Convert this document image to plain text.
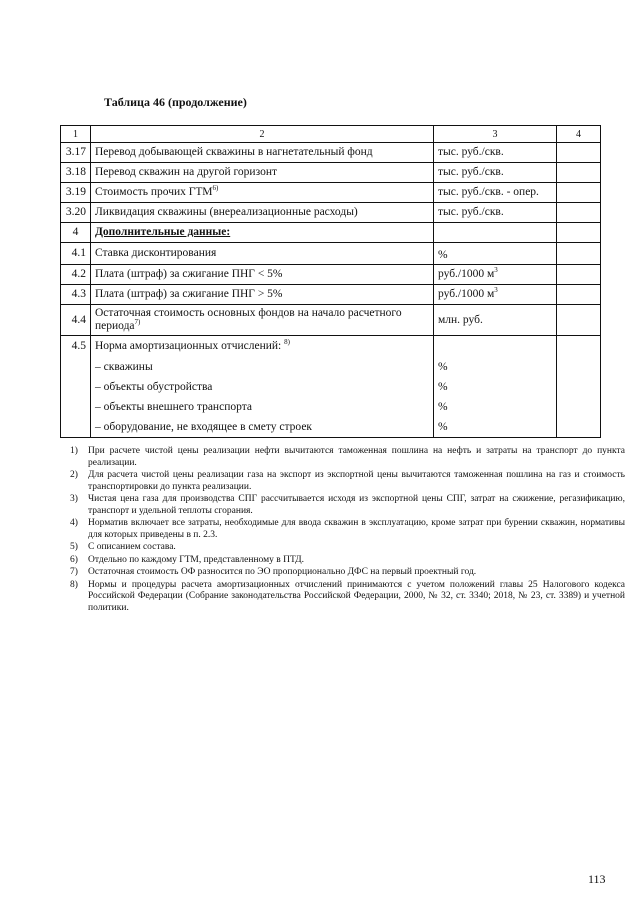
Таблица 46 (продолжение)
1	2	3	4
3.17	Перевод добывающей скважины в нагнетательный фонд	тыс. руб./скв.	
3.18	Перевод скважин на другой горизонт	тыс. руб./скв.	
3.19	Стоимость прочих ГТМ$^{6)}$	тыс. руб./скв. - опер.	
3.20	Ликвидация скважины (внереализационные расходы)	тыс. руб./скв.	
4	Дополнительные данные:		
4.1	Ставка дисконтирования	%	
4.2	Плата (штраф) за сжигание ПНГ < 5%	руб./1000 $м^3$	
4.3	Плата (штраф) за сжигание ПНГ > 5%	руб./1000 $м^3$	
4.4	Остаточная стоимость основных фондов на начало расчетного
периода$^{7)}$	млн. руб.	
4.5	Норма амортизационных отчислений: $^{8)}$		
	– скважины	%	
	– объекты обустройства	%	
	– объекты внешнего транспорта	%	
	– оборудование, не входящее в смету строек	%	
1)	При расчете чистой цены реализации нефти вычитаются таможенная пошлина на нефть и затраты на транспорт до пункта реализации.
2)	Для расчета чистой цены реализации газа на экспорт из экспортной цены вычитаются таможенная пошлина на газ и стоимость транспортировки до пункта реализации.
3)	Чистая цена газа для производства СПГ рассчитывается исходя из экспортной цены СПГ, затрат на сжижение, регазификацию, транспорт и удельной теплоты сгорания.
4)	Норматив включает все затраты, необходимые для ввода скважин в эксплуатацию, кроме затрат при бурении скважин, нормативы для которых приведены в п. 2.3.
5)	С описанием состава.
6)	Отдельно по каждому ГТМ, представленному в ПТД.
7)	Остаточная стоимость ОФ разносится по ЭО пропорционально ДФС на первый проектный год.
8)	Нормы и процедуры расчета амортизационных отчислений принимаются с учетом положений главы 25 Налогового кодекса Российской Федерации (Собрание законодательства Российской Федерации, 2000, № 32, ст. 3340; 2018, № 23, ст. 3389) и учетной политики.
113
